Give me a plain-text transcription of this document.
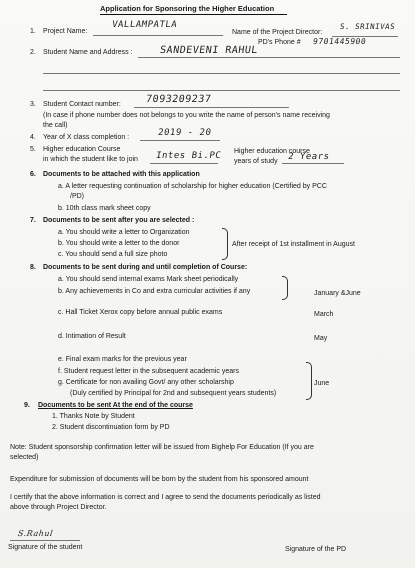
Application for Sponsoring the Higher Education
1. Project Name:
VALLAMPATLA
Name of the Project Director:
S. SRINIVAS
PD's Phone # 9701445900
2. Student Name and Address :	SANDEVENI RAHUL
3. Student Contact number: 7093209237
(In case if phone number does not belongs to you write the name of person's name receiving
the call)
4. Year of X class completion :	2019 - 20
5. Higher education Course
in which the student like to join Intes Bi.PC Higher education course
years of study 2 Years
6. Documents to be attached with this application
a. A letter requesting continuation of scholarship for higher education (Certified by PCC
/PD)
b. 10th class mark sheet copy
7. Documents to be sent after you are selected :
a. You should write a letter to Organization
b. You should write a letter to the donor
c. You should send a full size photo
After receipt of 1st installment in August
8. Documents to be sent during and until completion of Course:
a. You should send internal exams Mark sheet periodically
b. Any achievements in Co and extra curricular activities if any	January &June
c. Hall Ticket Xerox copy before annual public exams	March
d. Intimation of Result	May
e. Final exam marks for the previous year
f. Student request letter in the subsequent academic years
g. Certificate for non availing Govt/ any other scholarship
(Duly certified by Principal for 2nd and subsequent years students)
June
9. Documents to be sent At the end of the course
1. Thanks Note by Student
2. Student discontinuation form by PD
Note: Student sponsorship confirmation letter will be issued from Bighelp For Education (If you are
selected)
Expenditure for submission of documents will be born by the student from his sponsored amount
I certify that the above information is correct and I agree to send the documents periodically as listed
above through Project Director.
S.Rahul
Signature of the student	Signature of the PD
